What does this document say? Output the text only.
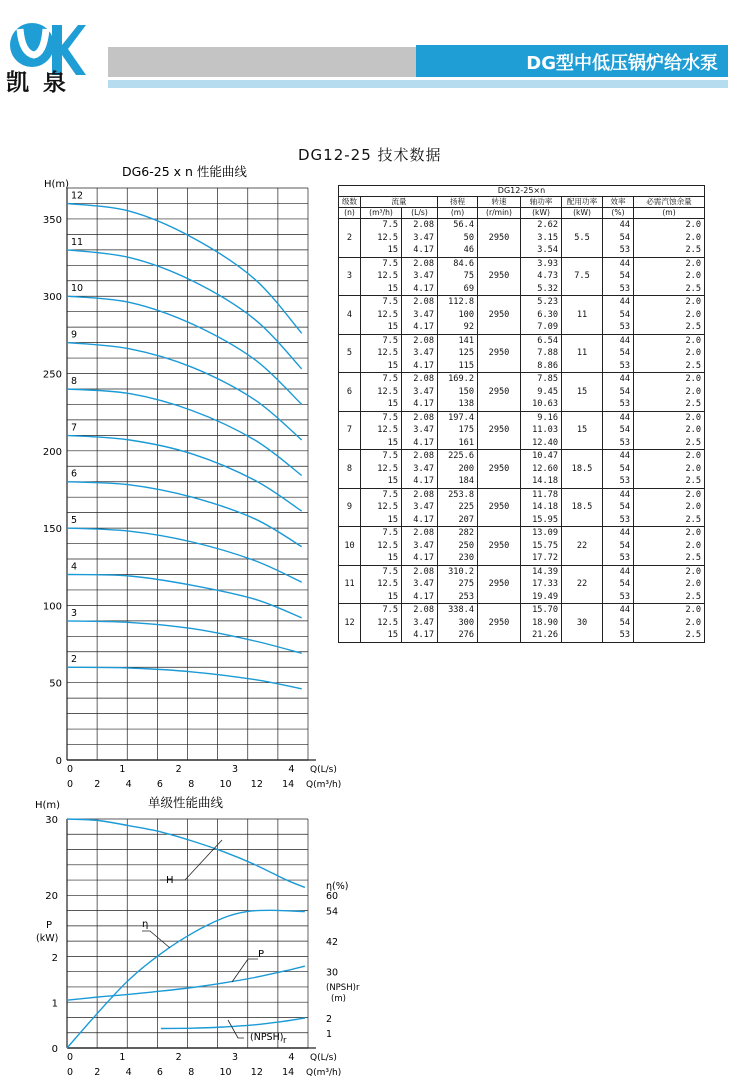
凯泉
DG型中低压锅炉给水泵
DG12-25 技术数据
DG6-25 x n 性能曲线
H(m)
0
50
100
150
200
250
300
350
0	1	2	3	4 Q(L/s)
0 2	4	6	8	10 12 14 Q(m³/h)
2
3
4
5
6
7
8
9
10
11
12
单级性能曲线
H(m)
30
20
0
1
2
P
(kW)
η(%)
60
54
42
30
(NPSH) r
(m)
2
1
0	1	2	3	4 Q(L/s)
0 2	4	6	8	10 12 14 Q(m³/h)
H
η
P
(NPSH) r
DG12-25×n								
级数	流量		扬程	转速	轴功率	配用功率	效率	必需汽蚀余量
(n)	(m³/h)	(L/s)	(m)	(r/min)	(kW)	(kW)	(%)	(m)
2	7.5
12.5
15	2.08
3.47
4.17	56.4
50
46	2950	2.62
3.15
3.54	5.5	44
54
53	2.0
2.0
2.5
3	7.5
12.5
15	2.08
3.47
4.17	84.6
75
69	2950	3.93
4.73
5.32	7.5	44
54
53	2.0
2.0
2.5
4	7.5
12.5
15	2.08
3.47
4.17	112.8
100
92	2950	5.23
6.30
7.09	11	44
54
53	2.0
2.0
2.5
5	7.5
12.5
15	2.08
3.47
4.17	141
125
115	2950	6.54
7.88
8.86	11	44
54
53	2.0
2.0
2.5
6	7.5
12.5
15	2.08
3.47
4.17	169.2
150
138	2950	7.85
9.45
10.63	15	44
54
53	2.0
2.0
2.5
7	7.5
12.5
15	2.08
3.47
4.17	197.4
175
161	2950	9.16
11.03
12.40	15	44
54
53	2.0
2.0
2.5
8	7.5
12.5
15	2.08
3.47
4.17	225.6
200
184	2950	10.47
12.60
14.18	18.5	44
54
53	2.0
2.0
2.5
9	7.5
12.5
15	2.08
3.47
4.17	253.8
225
207	2950	11.78
14.18
15.95	18.5	44
54
53	2.0
2.0
2.5
10	7.5
12.5
15	2.08
3.47
4.17	282
250
230	2950	13.09
15.75
17.72	22	44
54
53	2.0
2.0
2.5
11	7.5
12.5
15	2.08
3.47
4.17	310.2
275
253	2950	14.39
17.33
19.49	22	44
54
53	2.0
2.0
2.5
12	7.5
12.5
15	2.08
3.47
4.17	338.4
300
276	2950	15.70
18.90
21.26	30	44
54
53	2.0
2.0
2.5
